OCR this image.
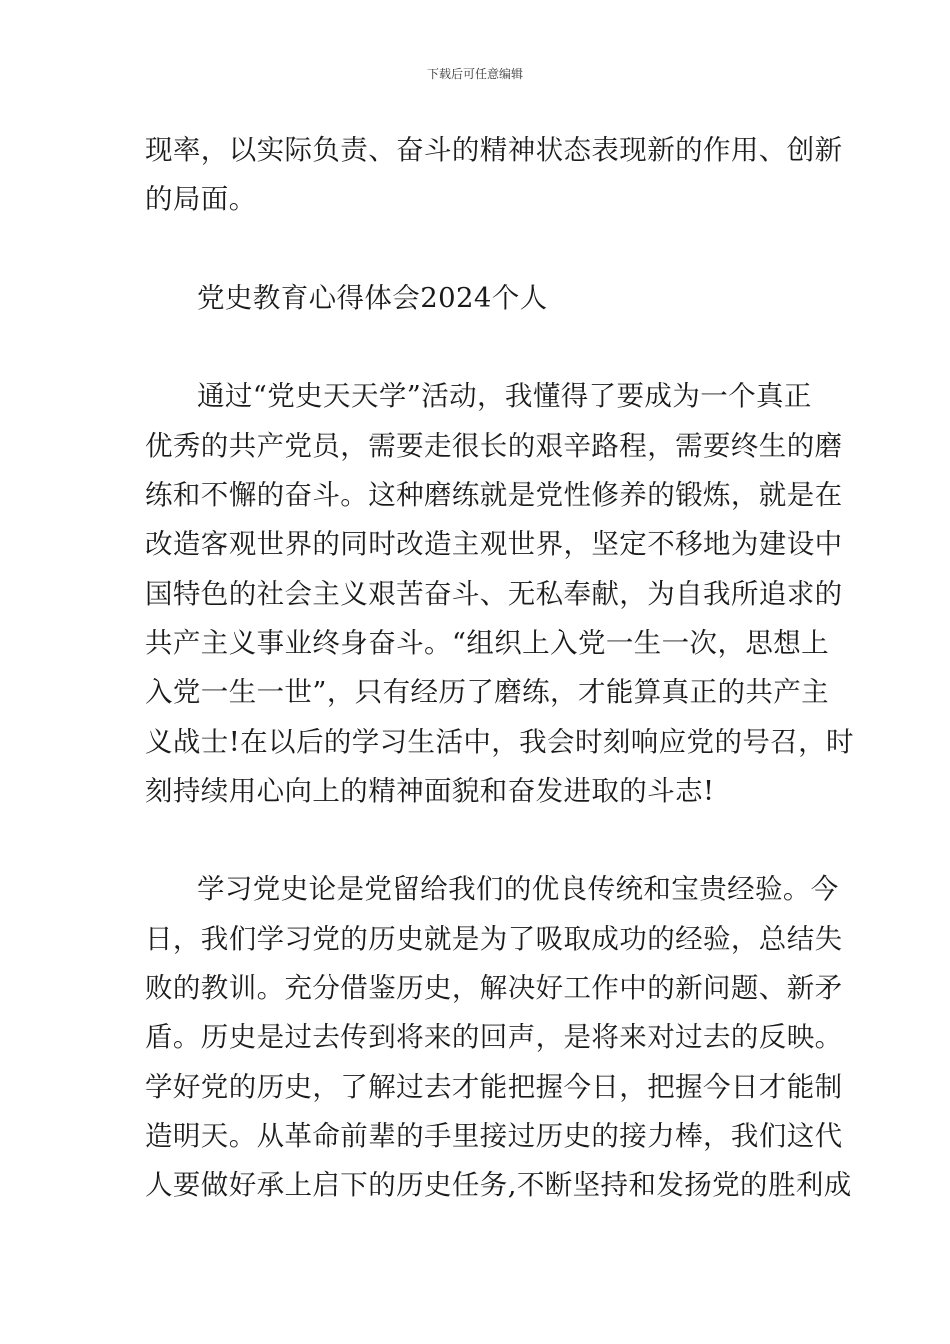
下载后可任意编辑

现率，以实际负责、奋斗的精神状态表现新的作用、创新
的局面。

党史教育心得体会2024个人

通过“党史天天学”活动，我懂得了要成为一个真正
优秀的共产党员，需要走很长的艰辛路程，需要终生的磨
练和不懈的奋斗。这种磨练就是党性修养的锻炼，就是在
改造客观世界的同时改造主观世界，坚定不移地为建设中
国特色的社会主义艰苦奋斗、无私奉献，为自我所追求的
共产主义事业终身奋斗。“组织上入党一生一次，思想上
入党一生一世”，只有经历了磨练，才能算真正的共产主
义战士!在以后的学习生活中，我会时刻响应党的号召，时
刻持续用心向上的精神面貌和奋发进取的斗志!

学习党史论是党留给我们的优良传统和宝贵经验。今
日，我们学习党的历史就是为了吸取成功的经验，总结失
败的教训。充分借鉴历史，解决好工作中的新问题、新矛
盾。历史是过去传到将来的回声，是将来对过去的反映。
学好党的历史，了解过去才能把握今日，把握今日才能制
造明天。从革命前辈的手里接过历史的接力棒，我们这代
人要做好承上启下的历史任务,不断坚持和发扬党的胜利成
